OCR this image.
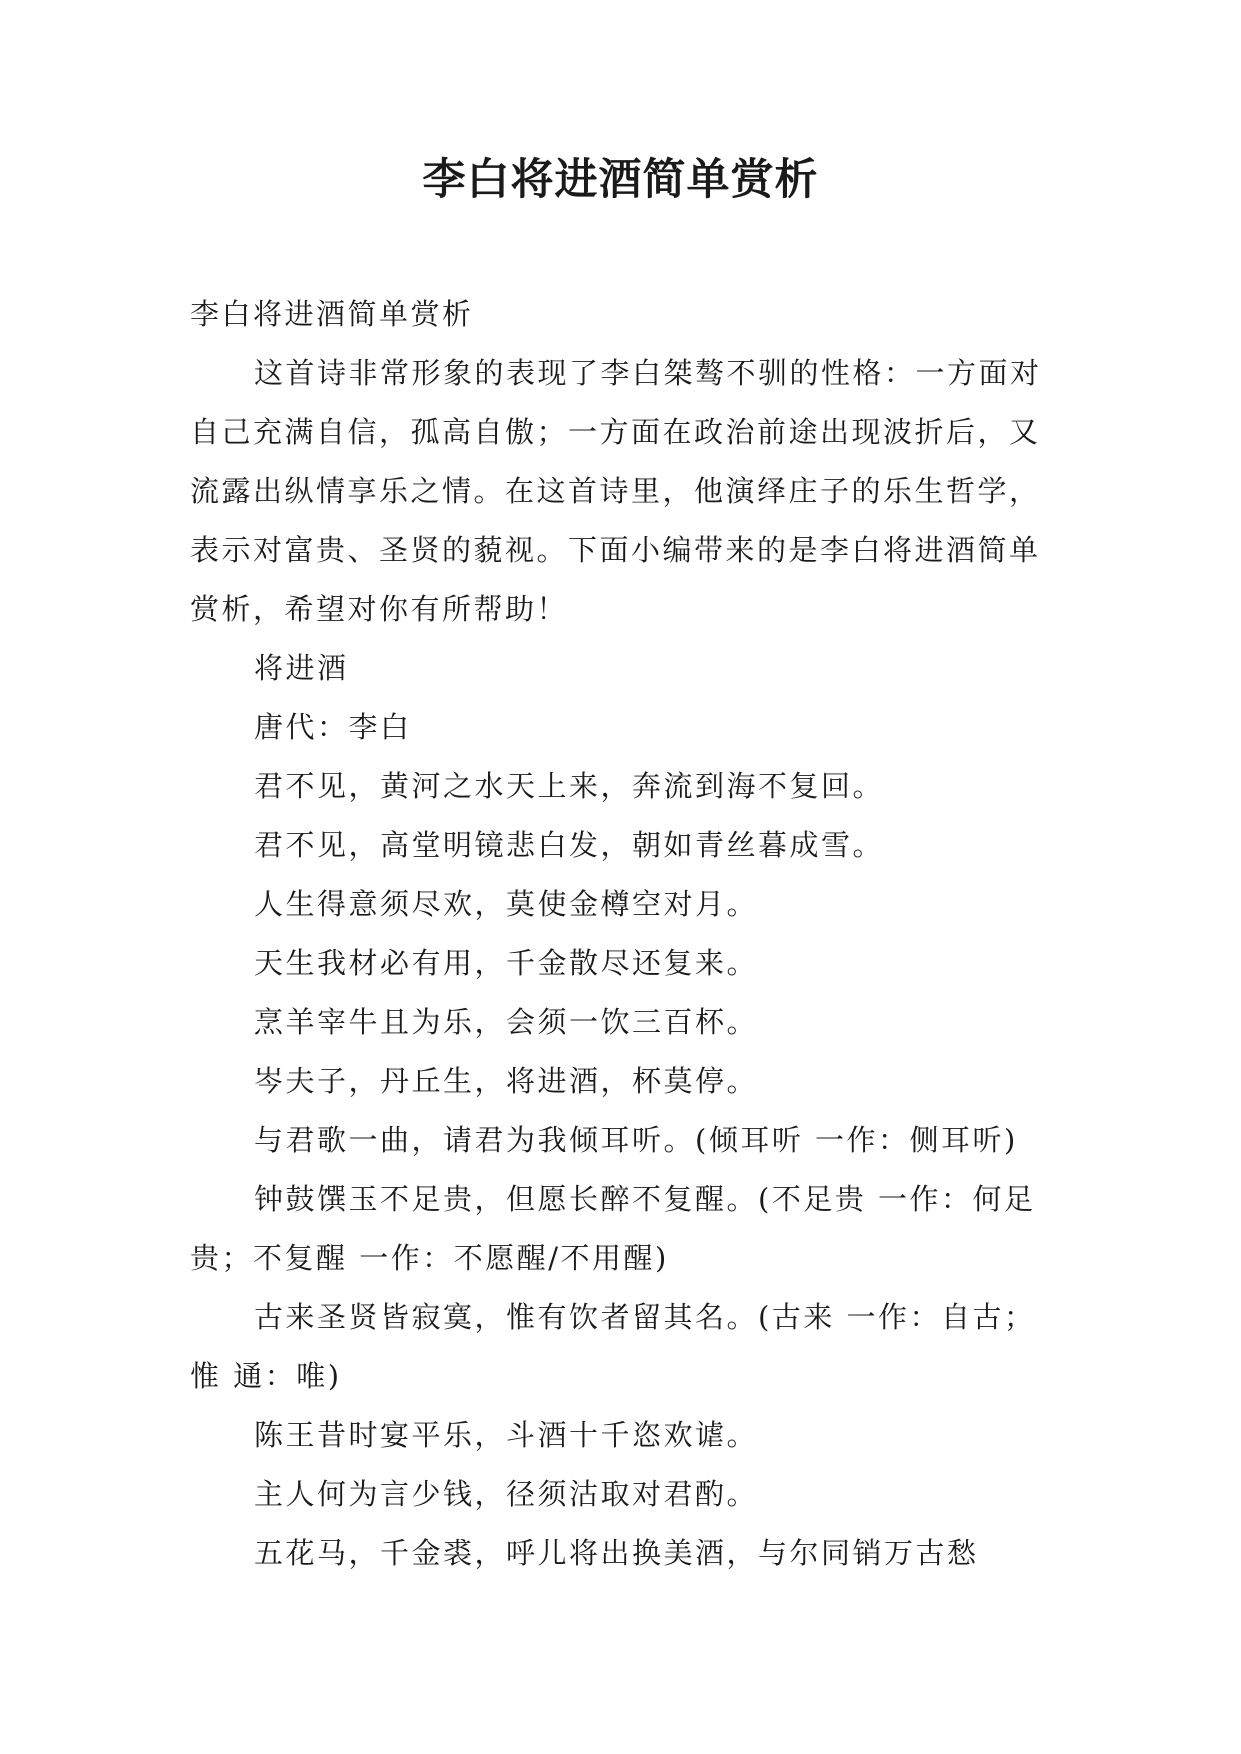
李白将进酒简单赏析

李白将进酒简单赏析

这首诗非常形象的表现了李白桀骜不驯的性格：一方面对自己充满自信，孤高自傲；一方面在政治前途出现波折后，又流露出纵情享乐之情。在这首诗里，他演绎庄子的乐生哲学，表示对富贵、圣贤的藐视。下面小编带来的是李白将进酒简单赏析，希望对你有所帮助！

将进酒

唐代：李白

君不见，黄河之水天上来，奔流到海不复回。

君不见，高堂明镜悲白发，朝如青丝暮成雪。

人生得意须尽欢，莫使金樽空对月。

天生我材必有用，千金散尽还复来。

烹羊宰牛且为乐，会须一饮三百杯。

岑夫子，丹丘生，将进酒，杯莫停。

与君歌一曲，请君为我倾耳听。(倾耳听 一作：侧耳听)

钟鼓馔玉不足贵，但愿长醉不复醒。(不足贵 一作：何足贵；不复醒 一作：不愿醒/不用醒)

古来圣贤皆寂寞，惟有饮者留其名。(古来 一作：自古；惟 通：唯)

陈王昔时宴平乐，斗酒十千恣欢谑。

主人何为言少钱，径须沽取对君酌。

五花马，千金裘，呼儿将出换美酒，与尔同销万古愁
